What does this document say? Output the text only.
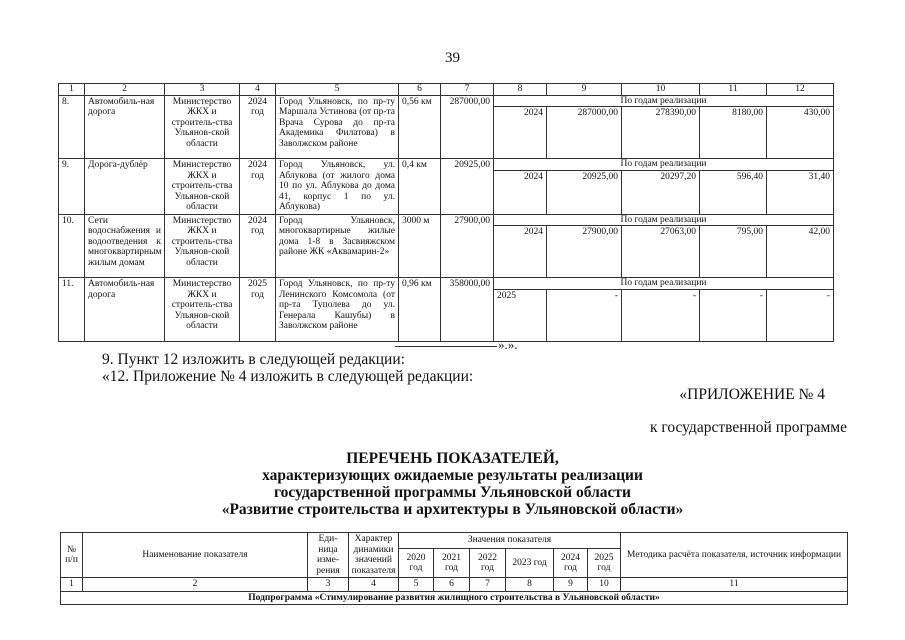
39
1	2	3	4	5	6	7	8	9	10	11	12
8.	Автомобиль-ная дорога	Министерство ЖКХ и строитель-ства Ульянов-ской области	2024 год	Город Ульяновск, по пр-ту Маршала Устинова (от пр-та Врача Сурова до пр-та Академика Филатова) в Заволжском районе	0,56 км	287000,00	По годам реализации				
							2024	287000,00	278390,00	8180,00	430,00
9.	Дорога-дублёр	Министерство ЖКХ и строитель-ства Ульянов-ской области	2024 год	Город Ульяновск, ул. Аблукова (от жилого дома 10 по ул. Аблукова до дома 41, корпус 1 по ул. Аблукова)	0,4 км	20925,00	По годам реализации				
							2024	20925,00	20297,20	596,40	31,40
10.	Сети водоснабжения и водоотведения к многоквартирным жилым домам	Министерство ЖКХ и строитель-ства Ульянов-ской области	2024 год	Город Ульяновск, многоквартирные жилые дома 1-8 в Засвияжском районе ЖК «Аквамарин-2»	3000 м	27900,00	По годам реализации				
							2024	27900,00	27063,00	795,00	42,00
11.	Автомобиль-ная дорога	Министерство ЖКХ и строитель-ства Ульянов-ской области	2025 год	Город Ульяновск, по пр-ту Ленинского Комсомола (от пр-та Туполева до ул. Генерала Кашубы) в Заволжском районе	0,96 км	358000,00	По годам реализации				
							2025	-	-	-	-
».».
9. Пункт 12 изложить в следующей редакции:
«12. Приложение № 4 изложить в следующей редакции:
«ПРИЛОЖЕНИЕ № 4
к государственной программе
ПЕРЕЧЕНЬ ПОКАЗАТЕЛЕЙ,
характеризующих ожидаемые результаты реализации
государственной программы Ульяновской области
«Развитие строительства и архитектуры в Ульяновской области»
№ п/п	Наименование показателя	Еди-ница изме-рения	Характер динамики значений показателя	Значения показателя						Методика расчёта показателя, источник информации
				2020 год	2021 год	2022 год	2023 год	2024 год	2025 год	
1	2	3	4	5	6	7	8	9	10	11
Подпрограмма «Стимулирование развития жилищного строительства в Ульяновской области»										
